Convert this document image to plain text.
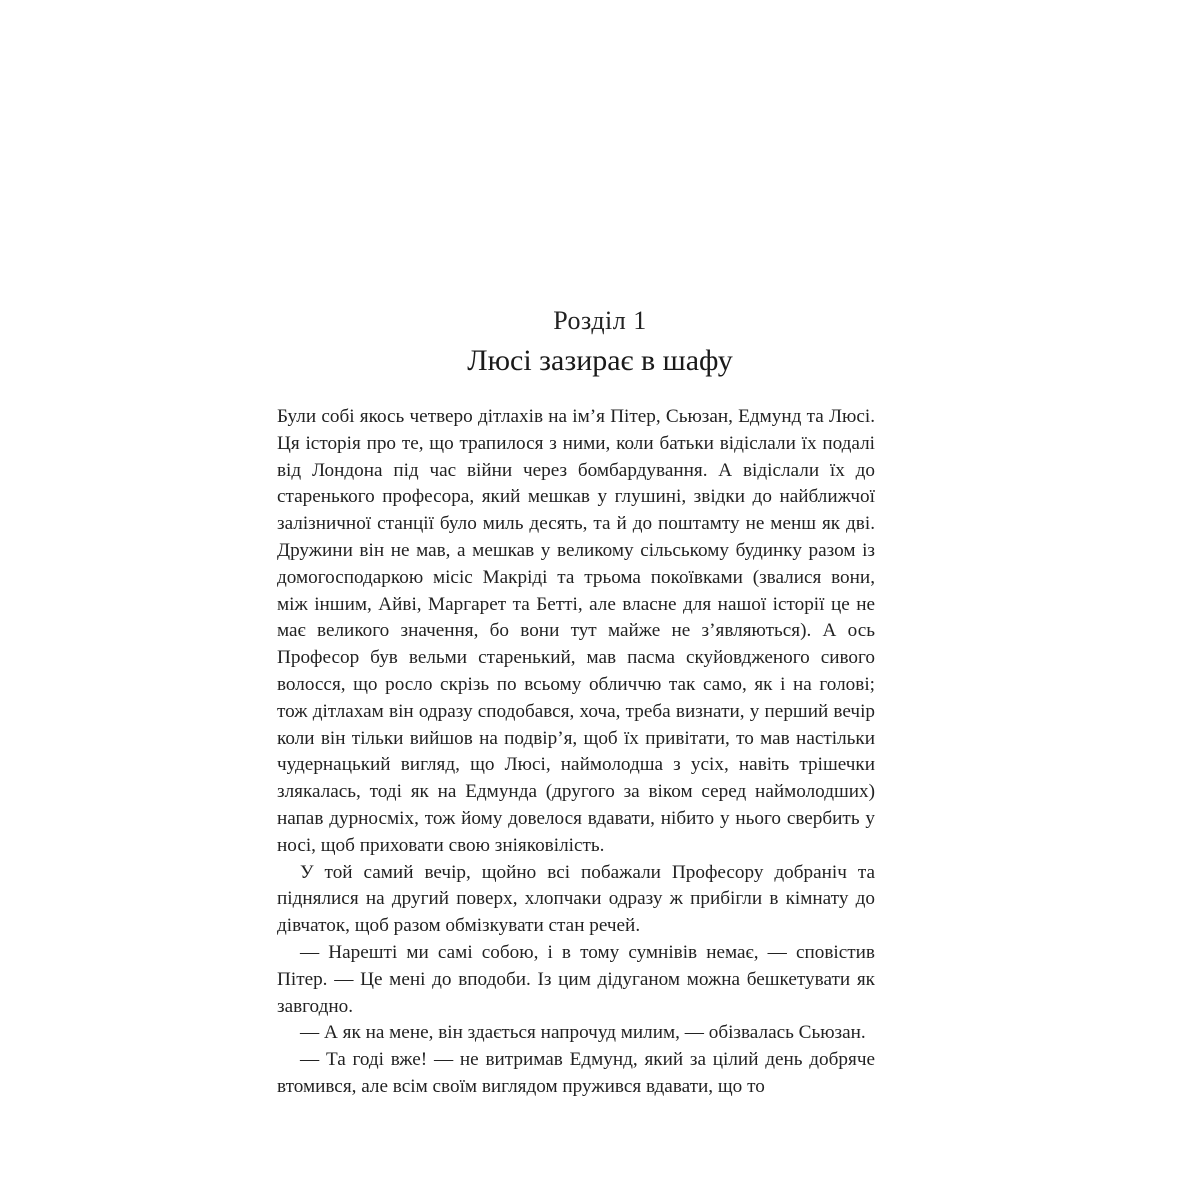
Розділ 1
Люсі зазирає в шафу

Були собі якось четверо дітлахів на ім’я Пітер, Сьюзан, Едмунд та Люсі. Ця історія про те, що трапилося з ними, коли батьки відіслали їх подалі від Лондона під час війни через бомбардування. А відіслали їх до старенького професора, який мешкав у глушині, звідки до найближчої залізничної станції було миль десять, та й до поштамту не менш як дві. Дружини він не мав, а мешкав у великому сільському будинку разом із домогосподаркою місіс Макріді та трьома покоївками (звалися вони, між іншим, Айві, Маргарет та Бетті, але власне для нашої історії це не має великого значення, бо вони тут майже не з’являються). А ось Професор був вельми старенький, мав пасма скуйовдженого сивого волосся, що росло скрізь по всьому обличчю так само, як і на голові; тож дітлахам він одразу сподобався, хоча, треба визнати, у перший вечір коли він тільки вийшов на подвір’я, щоб їх привітати, то мав настільки чудернацький вигляд, що Люсі, наймолодша з усіх, навіть трішечки злякалась, тоді як на Едмунда (другого за віком серед наймолодших) напав дурносміх, тож йому довелося вдавати, нібито у нього свербить у носі, щоб приховати свою зніяковілість.

У той самий вечір, щойно всі побажали Професору добраніч та піднялися на другий поверх, хлопчаки одразу ж прибігли в кімнату до дівчаток, щоб разом обмізкувати стан речей.

— Нарешті ми самі собою, і в тому сумнівів немає, — сповістив Пітер. — Це мені до вподоби. Із цим дідуганом можна бешкетувати як завгодно.

— А як на мене, він здається напрочуд милим, — обізвалась Сьюзан.

— Та годі вже! — не витримав Едмунд, який за цілий день добряче втомився, але всім своїм виглядом пружився вдавати, що то
